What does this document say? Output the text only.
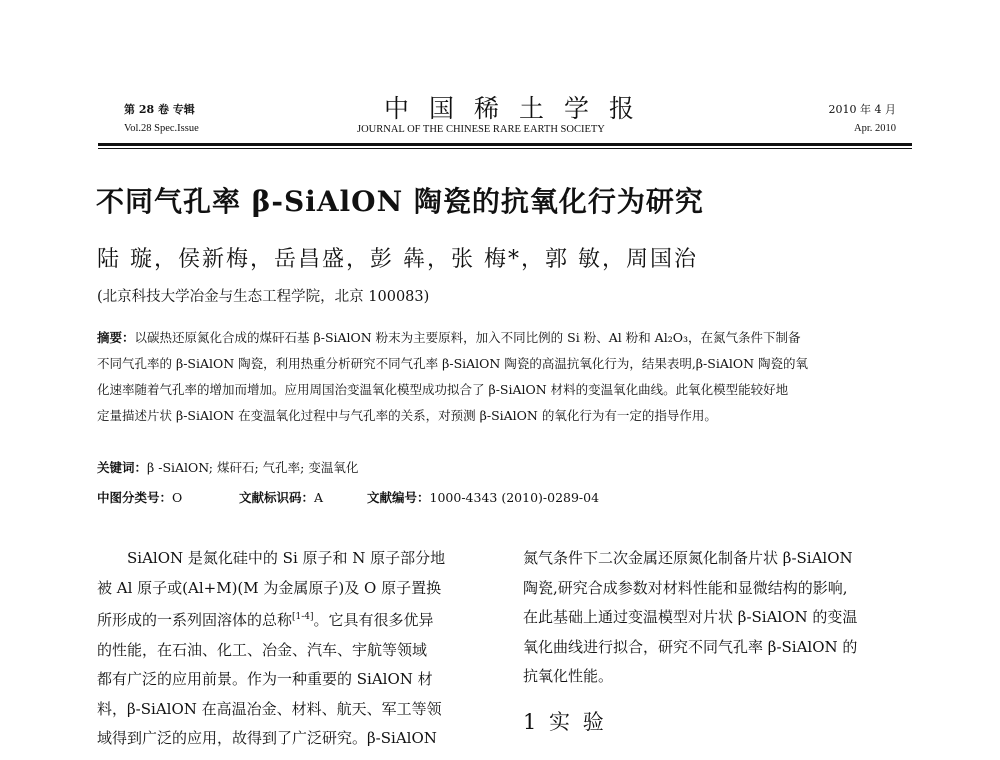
第 28 卷 专辑
Vol.28 Spec.Issue
中国稀土学报
JOURNAL OF THE CHINESE RARE EARTH SOCIETY
2010 年 4 月
Apr. 2010
不同气孔率 β-SiAlON 陶瓷的抗氧化行为研究
陆 璇，侯新梅，岳昌盛，彭 犇，张 梅*，郭 敏，周国治
(北京科技大学冶金与生态工程学院，北京 100083)
摘要：以碳热还原氮化合成的煤矸石基 β-SiAlON 粉末为主要原料，加入不同比例的 Si 粉、Al 粉和 Al₂O₃，在氮气条件下制备
不同气孔率的 β-SiAlON 陶瓷，利用热重分析研究不同气孔率 β-SiAlON 陶瓷的高温抗氧化行为，结果表明,β-SiAlON 陶瓷的氧
化速率随着气孔率的增加而增加。应用周国治变温氧化模型成功拟合了 β-SiAlON 材料的变温氧化曲线。此氧化模型能较好地
定量描述片状 β-SiAlON 在变温氧化过程中与气孔率的关系，对预测 β-SiAlON 的氧化行为有一定的指导作用。
关键词：β -SiAlON; 煤矸石; 气孔率; 变温氧化
中图分类号：O	文献标识码：A	文献编号：1000-4343 (2010)-0289-04
　　SiAlON 是氮化硅中的 Si 原子和 N 原子部分地
被 Al 原子或(Al+M)(M 为金属原子)及 O 原子置换
所形成的一系列固溶体的总称[1-4]。它具有很多优异
的性能，在石油、化工、冶金、汽车、宇航等领域
都有广泛的应用前景。作为一种重要的 SiAlON 材
料，β-SiAlON 在高温冶金、材料、航天、军工等领
域得到广泛的应用，故得到了广泛研究。β-SiAlON
氮气条件下二次金属还原氮化制备片状 β-SiAlON
陶瓷,研究合成参数对材料性能和显微结构的影响,
在此基础上通过变温模型对片状 β-SiAlON 的变温
氧化曲线进行拟合，研究不同气孔率 β-SiAlON 的
抗氧化性能。
1 实 验
